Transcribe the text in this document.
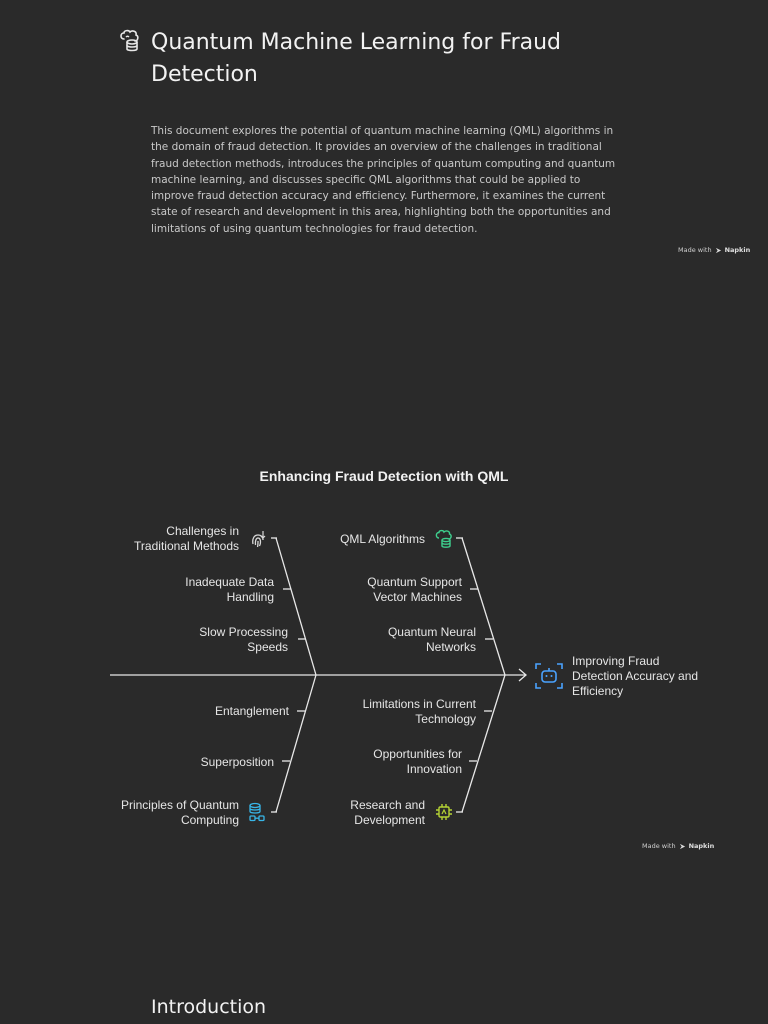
Quantum Machine Learning for Fraud Detection

This document explores the potential of quantum machine learning (QML) algorithms in the domain of fraud detection. It provides an overview of the challenges in traditional fraud detection methods, introduces the principles of quantum computing and quantum machine learning, and discusses specific QML algorithms that could be applied to improve fraud detection accuracy and efficiency. Furthermore, it examines the current state of research and development in this area, highlighting both the opportunities and limitations of using quantum technologies for fraud detection.

Made with Napkin
Enhancing Fraud Detection with QML
Challenges in
Traditional Methods
Inadequate Data
Handling
Slow Processing
Speeds
QML Algorithms
Quantum Support
Vector Machines
Quantum Neural
Networks
Entanglement
Superposition
Principles of Quantum
Computing
Limitations in Current
Technology
Opportunities for
Innovation
Research and
Development
Improving Fraud
Detection Accuracy and
Efficiency
Made with Napkin
Introduction
